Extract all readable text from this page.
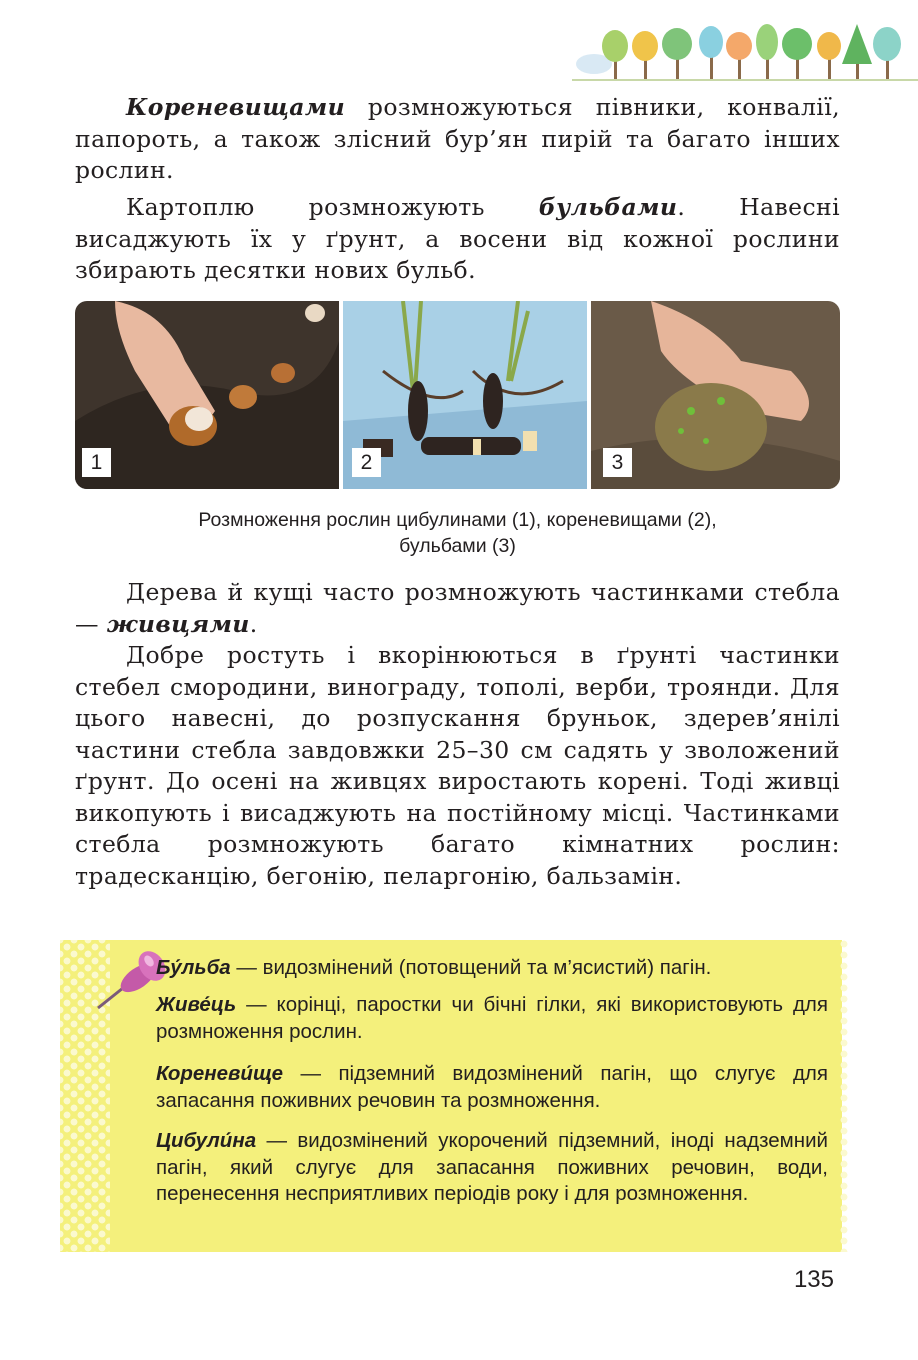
Кореневищами розмножуються півники, конвалії, папороть, а також злісний бур’ян пирій та багато інших рослин.

Картоплю розмножують бульбами. Навесні висаджують їх у ґрунт, а восени від кожної рослини збирають десятки нових бульб.

1	2	3
Розмноження рослин цибулинами (1), кореневищами (2),
бульбами (3)

Дерева й кущі часто розмножують частинками стебла — живцями.

Добре ростуть і вкорінюються в ґрунті частинки стебел смородини, винограду, тополі, верби, троянди. Для цього навесні, до розпускання бруньок, здерев’янілі частини стебла завдовжки 25–30 см садять у зволожений ґрунт. До осені на живцях виростають корені. Тоді живці викопують і висаджують на постійному місці. Частинками стебла розмножують багато кімнатних рослин: традесканцію, бегонію, пеларгонію, бальзамін.

Бу́льба — видозмінений (потовщений та м’ясистий) пагін.

Живе́ць — корінці, паростки чи бічні гілки, які використовують для розмноження рослин.

Кореневи́ще — підземний видозмінений пагін, що слугує для запасання поживних речовин та розмноження.

Цибули́на — видозмінений укорочений підземний, іноді надземний пагін, який слугує для запасання поживних речовин, води, перенесення несприятливих періодів року і для розмноження.

135
